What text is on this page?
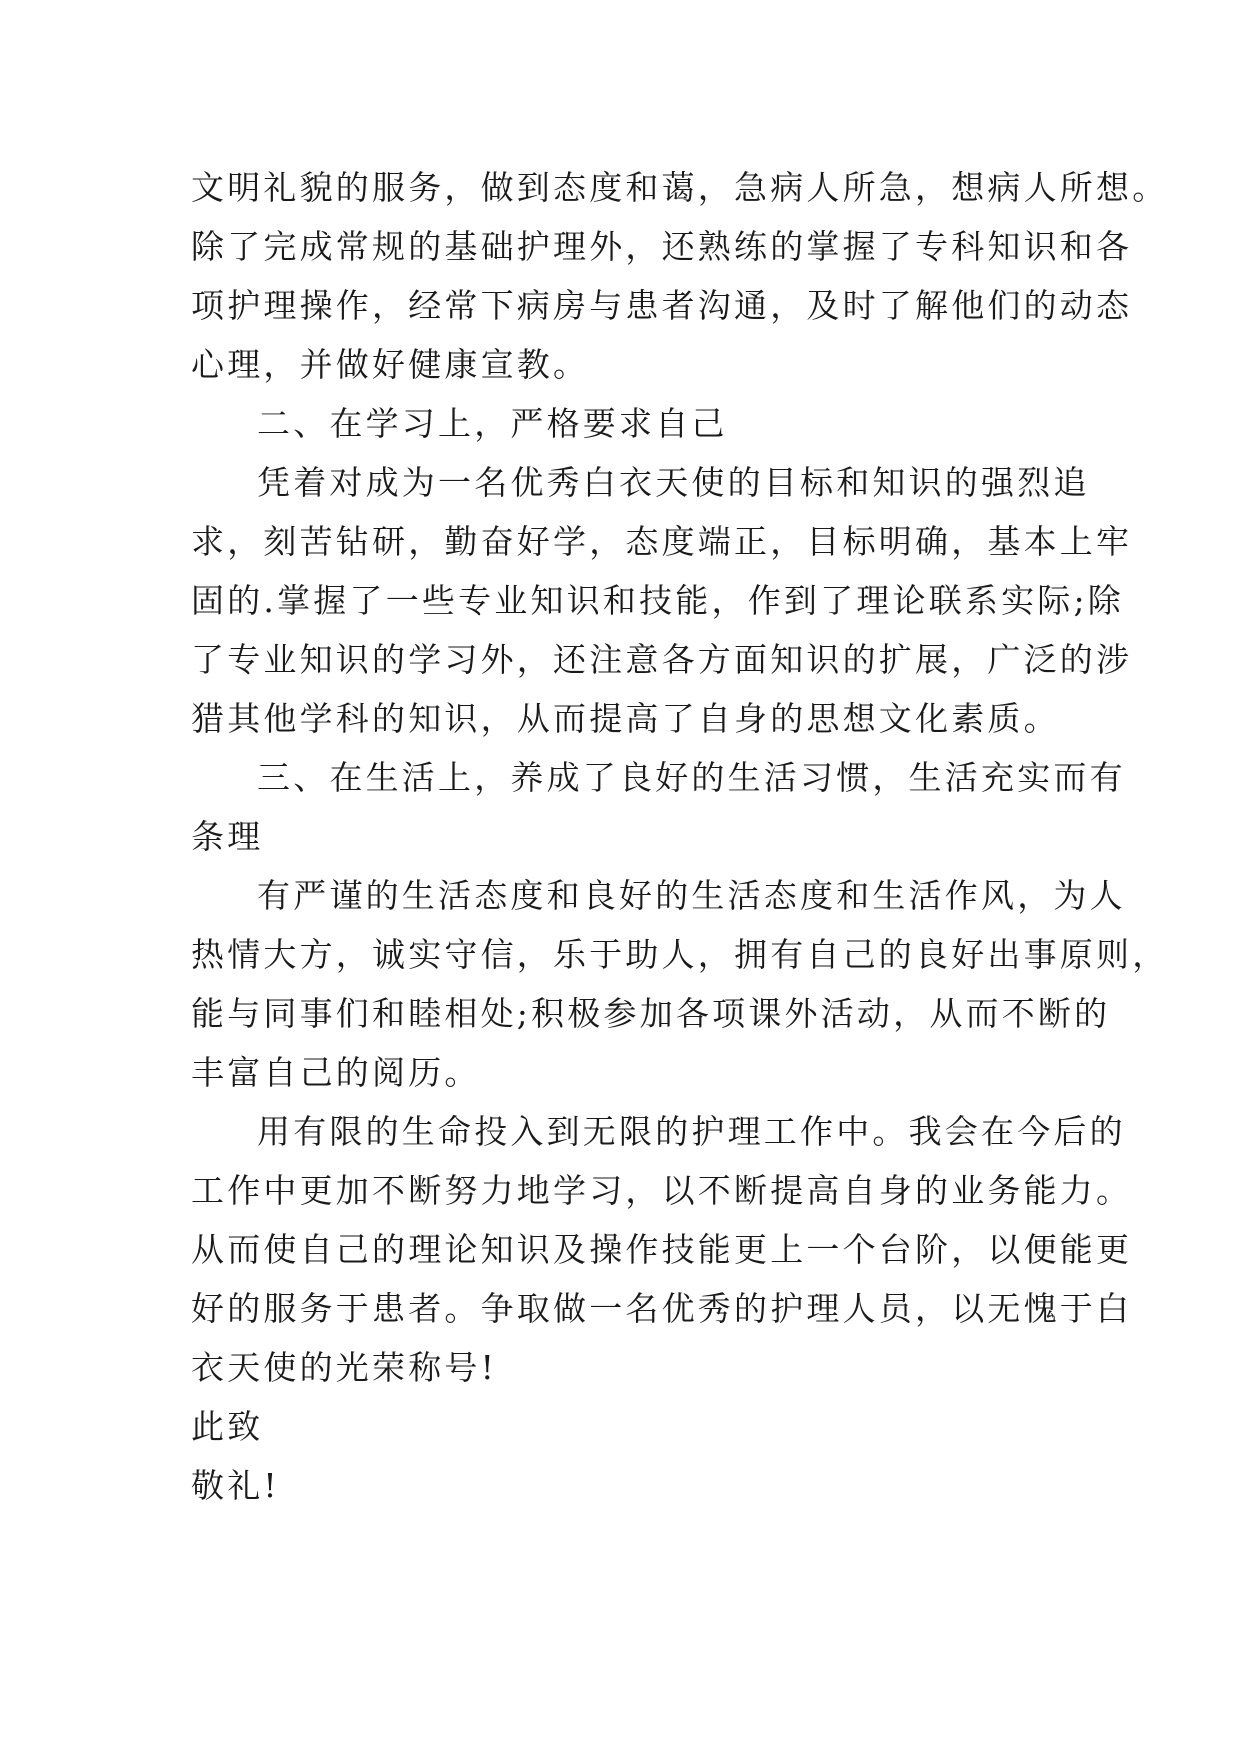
文明礼貌的服务，做到态度和蔼，急病人所急，想病人所想。
除了完成常规的基础护理外，还熟练的掌握了专科知识和各
项护理操作，经常下病房与患者沟通，及时了解他们的动态
心理，并做好健康宣教。
二、在学习上，严格要求自己
凭着对成为一名优秀白衣天使的目标和知识的强烈追
求，刻苦钻研，勤奋好学，态度端正，目标明确，基本上牢
固的.掌握了一些专业知识和技能，作到了理论联系实际;除
了专业知识的学习外，还注意各方面知识的扩展，广泛的涉
猎其他学科的知识，从而提高了自身的思想文化素质。
三、在生活上，养成了良好的生活习惯，生活充实而有
条理
有严谨的生活态度和良好的生活态度和生活作风，为人
热情大方，诚实守信，乐于助人，拥有自己的良好出事原则，
能与同事们和睦相处;积极参加各项课外活动，从而不断的
丰富自己的阅历。
用有限的生命投入到无限的护理工作中。我会在今后的
工作中更加不断努力地学习，以不断提高自身的业务能力。
从而使自己的理论知识及操作技能更上一个台阶，以便能更
好的服务于患者。争取做一名优秀的护理人员，以无愧于白
衣天使的光荣称号!
此致
敬礼!
